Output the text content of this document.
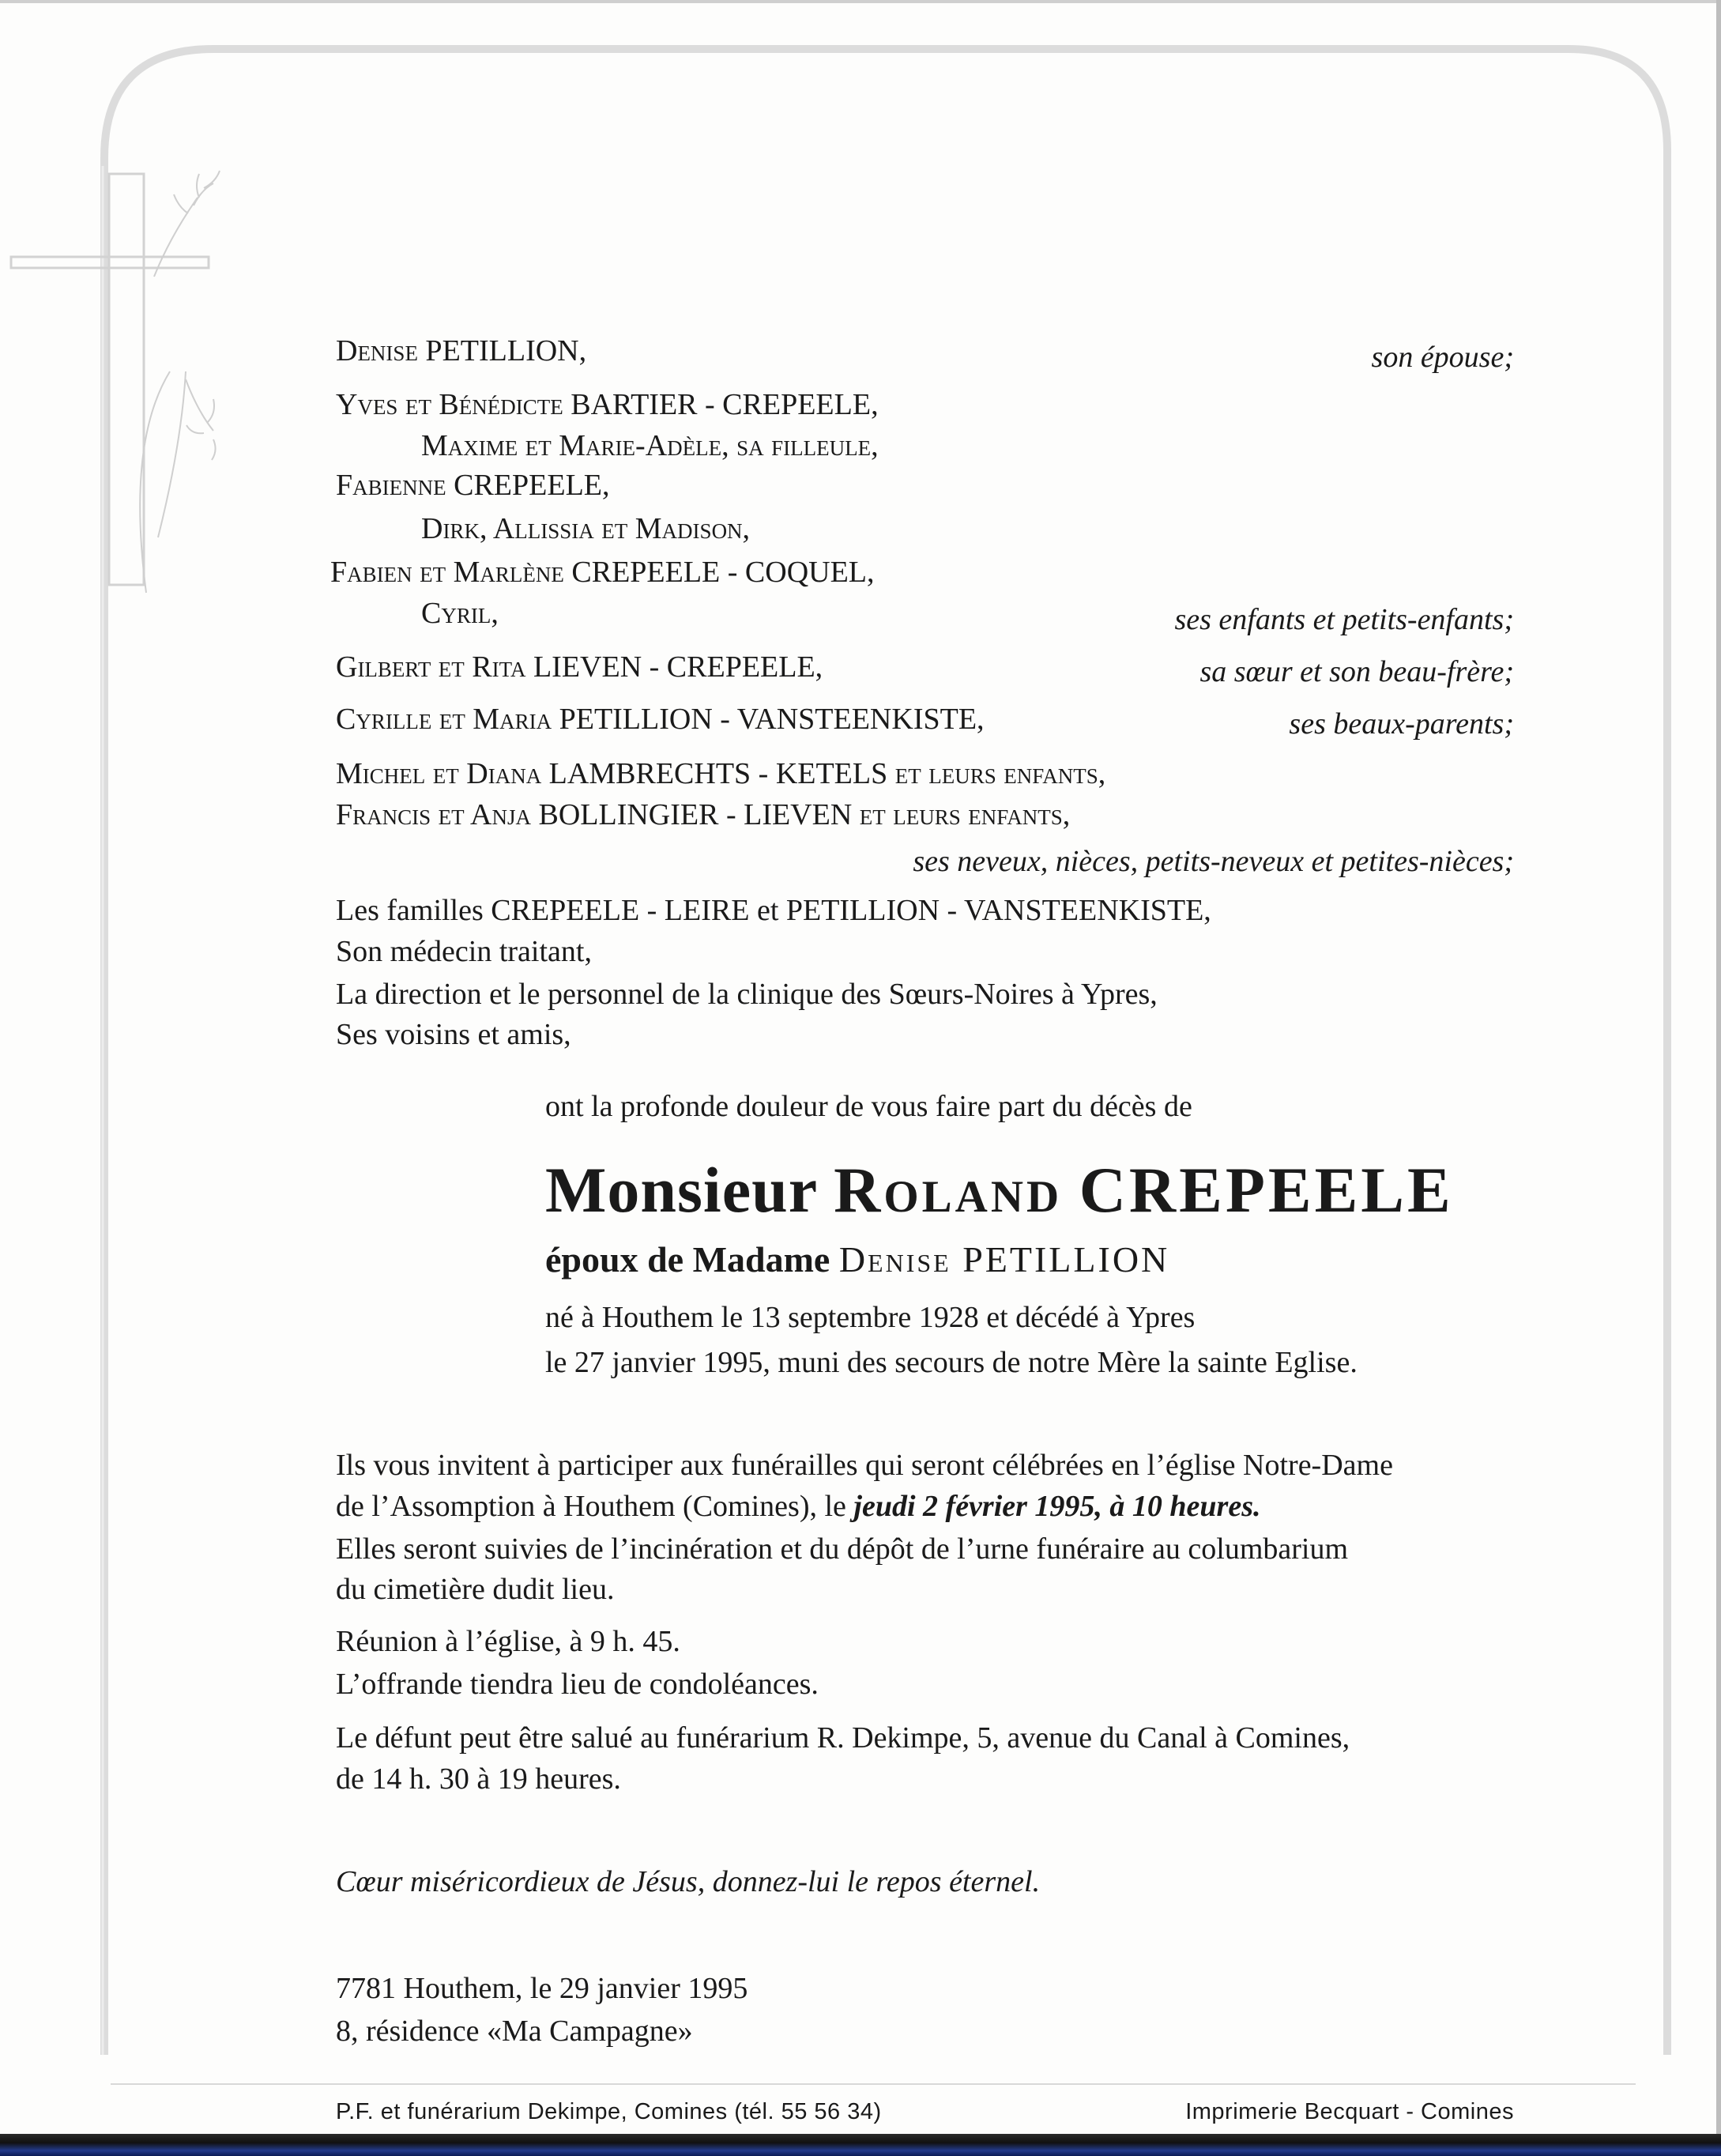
Denise PETILLION,	son épouse;
Yves et Bénédicte BARTIER - CREPEELE,
Maxime et Marie-Adèle, sa filleule,
Fabienne CREPEELE,
Dirk, Allissia et Madison,
Fabien et Marlène CREPEELE - COQUEL,
Cyril,	ses enfants et petits-enfants;
Gilbert et Rita LIEVEN - CREPEELE,	sa sœur et son beau-frère;
Cyrille et Maria PETILLION - VANSTEENKISTE,	ses beaux-parents;
Michel et Diana LAMBRECHTS - KETELS et leurs enfants,
Francis et Anja BOLLINGIER - LIEVEN et leurs enfants,
ses neveux, nièces, petits-neveux et petites-nièces;
Les familles CREPEELE - LEIRE et PETILLION - VANSTEENKISTE,
Son médecin traitant,
La direction et le personnel de la clinique des Sœurs-Noires à Ypres,
Ses voisins et amis,
ont la profonde douleur de vous faire part du décès de
Monsieur Roland CREPEELE
époux de Madame Denise PETILLION
né à Houthem le 13 septembre 1928 et décédé à Ypres
le 27 janvier 1995, muni des secours de notre Mère la sainte Eglise.
Ils vous invitent à participer aux funérailles qui seront célébrées en l’église Notre-Dame
de l’Assomption à Houthem (Comines), le jeudi 2 février 1995, à 10 heures.
Elles seront suivies de l’incinération et du dépôt de l’urne funéraire au columbarium
du cimetière dudit lieu.
Réunion à l’église, à 9 h. 45.
L’offrande tiendra lieu de condoléances.
Le défunt peut être salué au funérarium R. Dekimpe, 5, avenue du Canal à Comines,
de 14 h. 30 à 19 heures.
Cœur miséricordieux de Jésus, donnez-lui le repos éternel.
7781 Houthem, le 29 janvier 1995
8, résidence «Ma Campagne»
P.F. et funérarium Dekimpe, Comines (tél. 55 56 34)	Imprimerie Becquart - Comines
